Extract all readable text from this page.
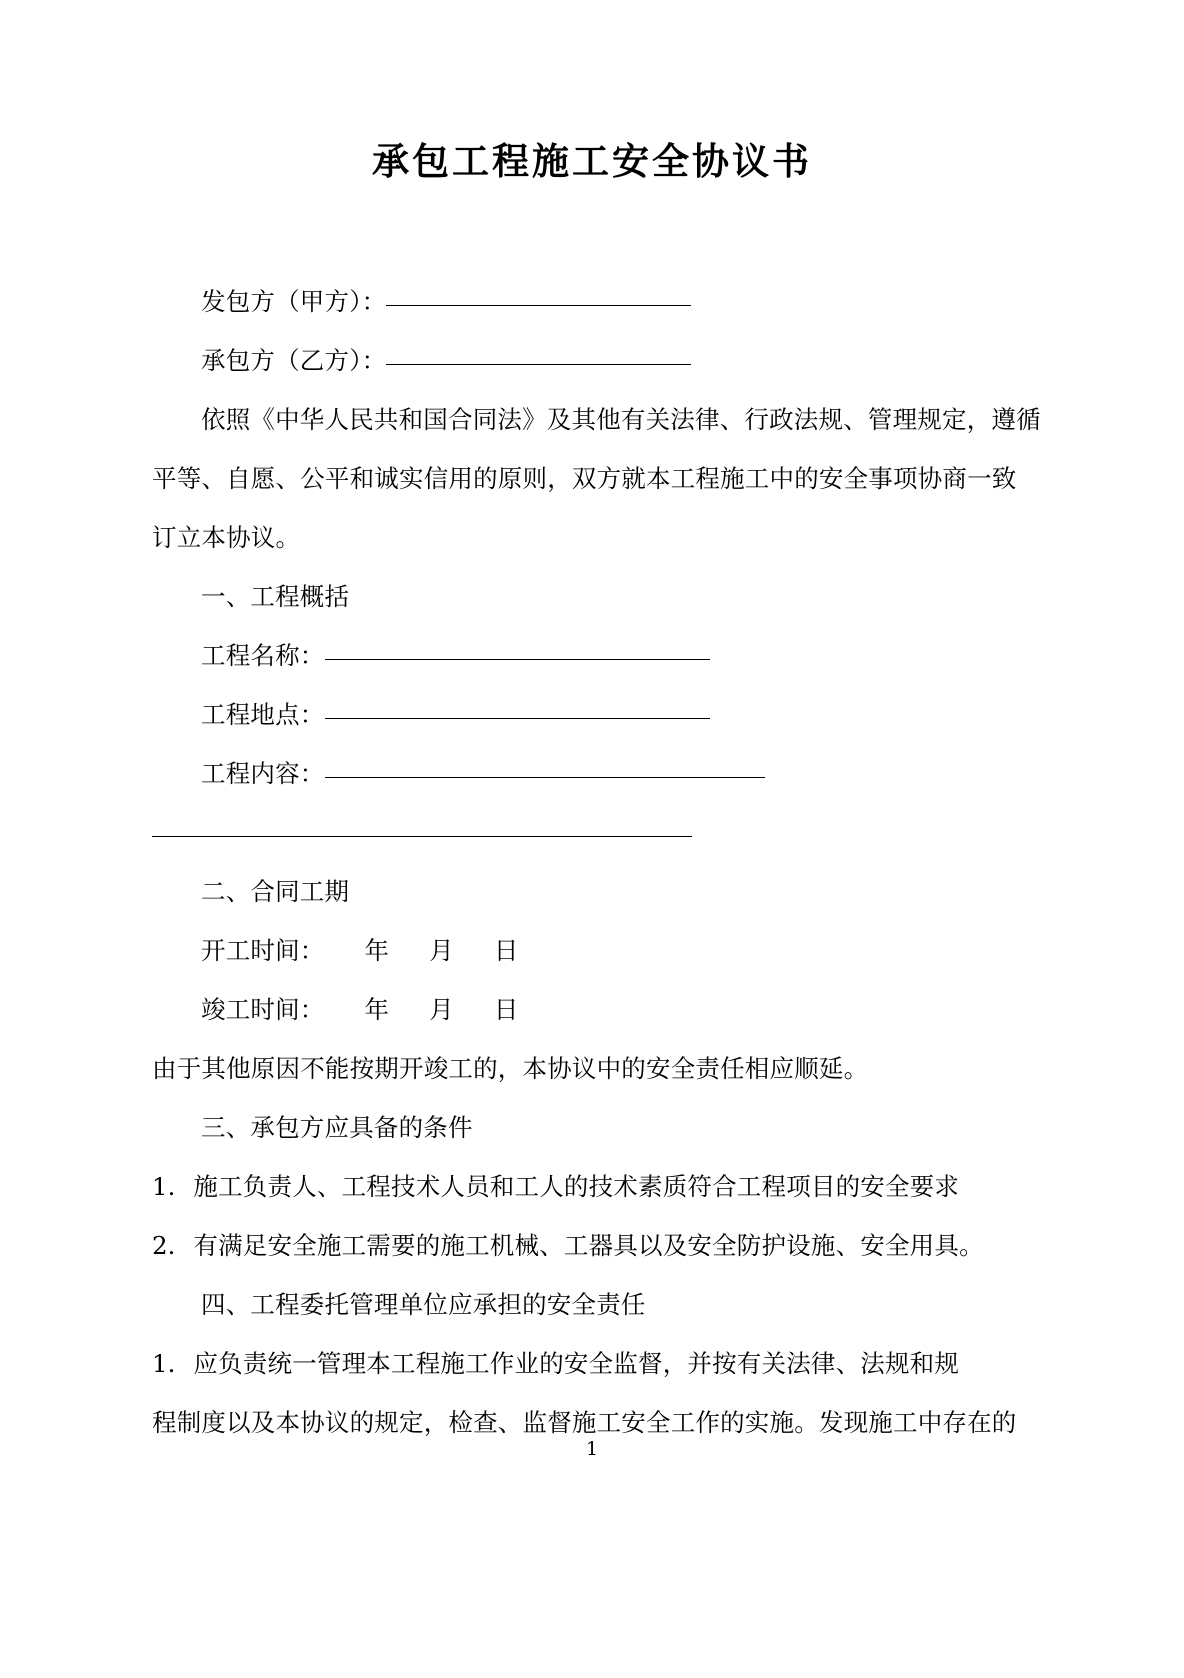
承包工程施工安全协议书
发包方（甲方）：
承包方（乙方）：
依照《中华人民共和国合同法》及其他有关法律、行政法规、管理规定，遵循
平等、自愿、公平和诚实信用的原则，双方就本工程施工中的安全事项协商一致
订立本协议。
一、工程概括
工程名称：
工程地点：
工程内容：
二、合同工期
开工时间： 年 月 日
竣工时间： 年 月 日
由于其他原因不能按期开竣工的，本协议中的安全责任相应顺延。
三、承包方应具备的条件
1. 施工负责人、工程技术人员和工人的技术素质符合工程项目的安全要求
2. 有满足安全施工需要的施工机械、工器具以及安全防护设施、安全用具。
四、工程委托管理单位应承担的安全责任
1. 应负责统一管理本工程施工作业的安全监督，并按有关法律、法规和规
程制度以及本协议的规定，检查、监督施工安全工作的实施。发现施工中存在的
1
